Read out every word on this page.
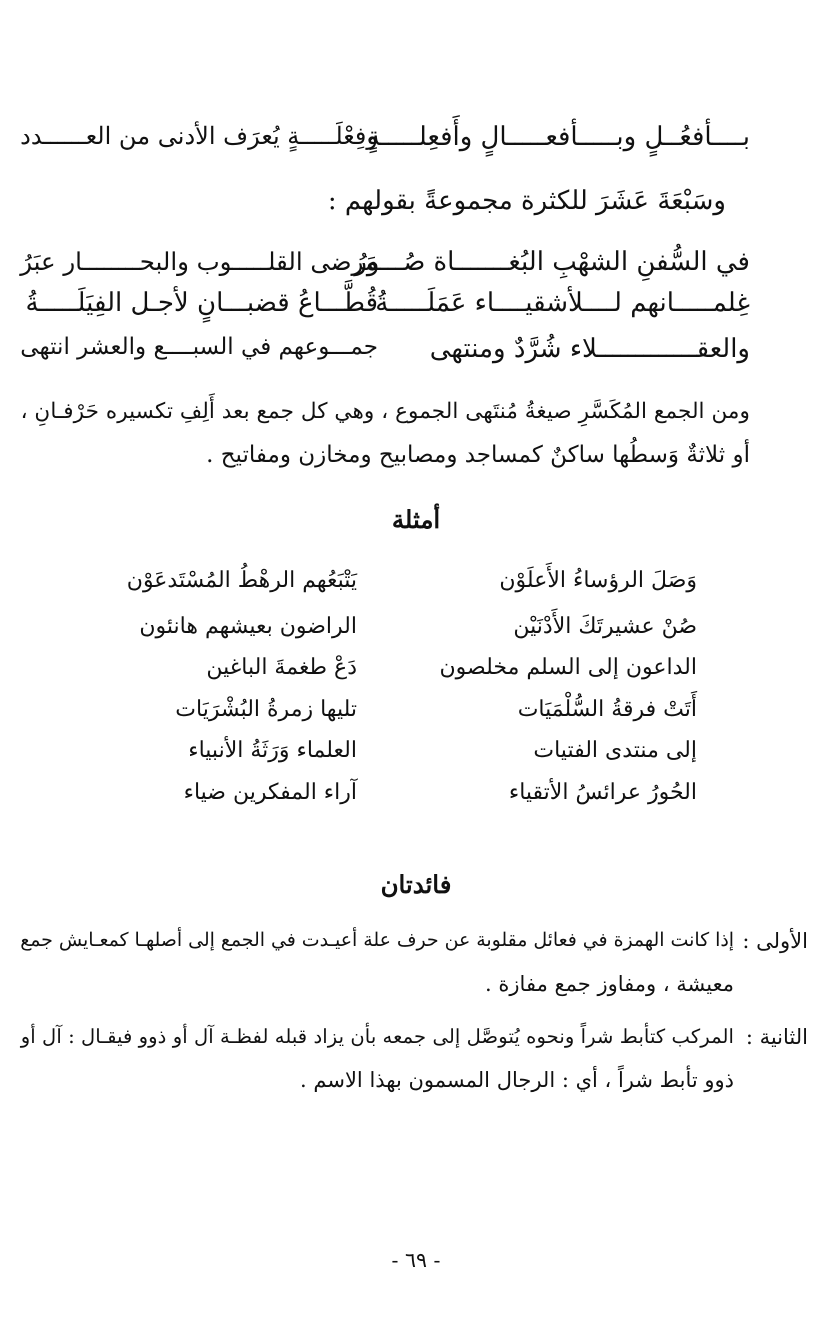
بــــأفعُــلٍ وبـــــأفعـــــالٍ وأَفعِلـــــةٍ
وفِعْلَـــــةٍ يُعرَف الأدنى من العــــــدد
وسَبْعَةَ عَشَرَ للكثرة مجموعةً بقولهم :
في السُّفنِ الشهْبِ البُغـــــــاة صُـــورُ
مَرضى القلـــــوب والبحــــــــار عبَرُ
غِلمـــــانهم لــــلأشقيــــاء عَمَلَـــــةُ
قُطَّـــاعُ قضبـــانٍ لأجـل الفِيَلَـــــةُ
والعقـــــــــــــلاء شُرَّدٌ ومنتهى
جمـــوعهم في السبــــع والعشر انتهى
ومن الجمع المُكَسَّرِ صيغةُ مُنتَهى الجموع ، وهي كل جمع بعد أَلِفِ تكسيره حَرْفـانِ ،
أو ثلاثةٌ وَسطُها ساكنٌ كمساجد ومصابيح ومخازن ومفاتيح .
أمثلة
وَصَلَ الرؤساءُ الأَعلَوْن
يَتْبَعُهم الرهْطُ المُسْتَدعَوْن
صُنْ عشيرتَكَ الأَدْنَيْن
الراضون بعيشهم هانئون
الداعون إلى السلم مخلصون
دَعْ طغمةَ الباغين
أَتَتْ فرقةُ السُّلْمَيَات
تليها زمرةُ البُشْرَيَات
إلى منتدى الفتيات
العلماء وَرَثَةُ الأنبياء
الحُورُ عرائسُ الأتقياء
آراء المفكرين ضياء
فائدتان
الأولى :
إذا كانت الهمزة في فعائل مقلوبة عن حرف علة أعيـدت في الجمع إلى أصلهـا كمعـايش جمع
معيشة ، ومفاوز جمع مفازة .
الثانية :
المركب كتأبط شراً ونحوه يُتوصَّل إلى جمعه بأن يزاد قبله لفظـة آل أو ذوو فيقـال : آل أو
ذوو تأبط شراً ، أي : الرجال المسمون بهذا الاسم .
- ٦٩ -
